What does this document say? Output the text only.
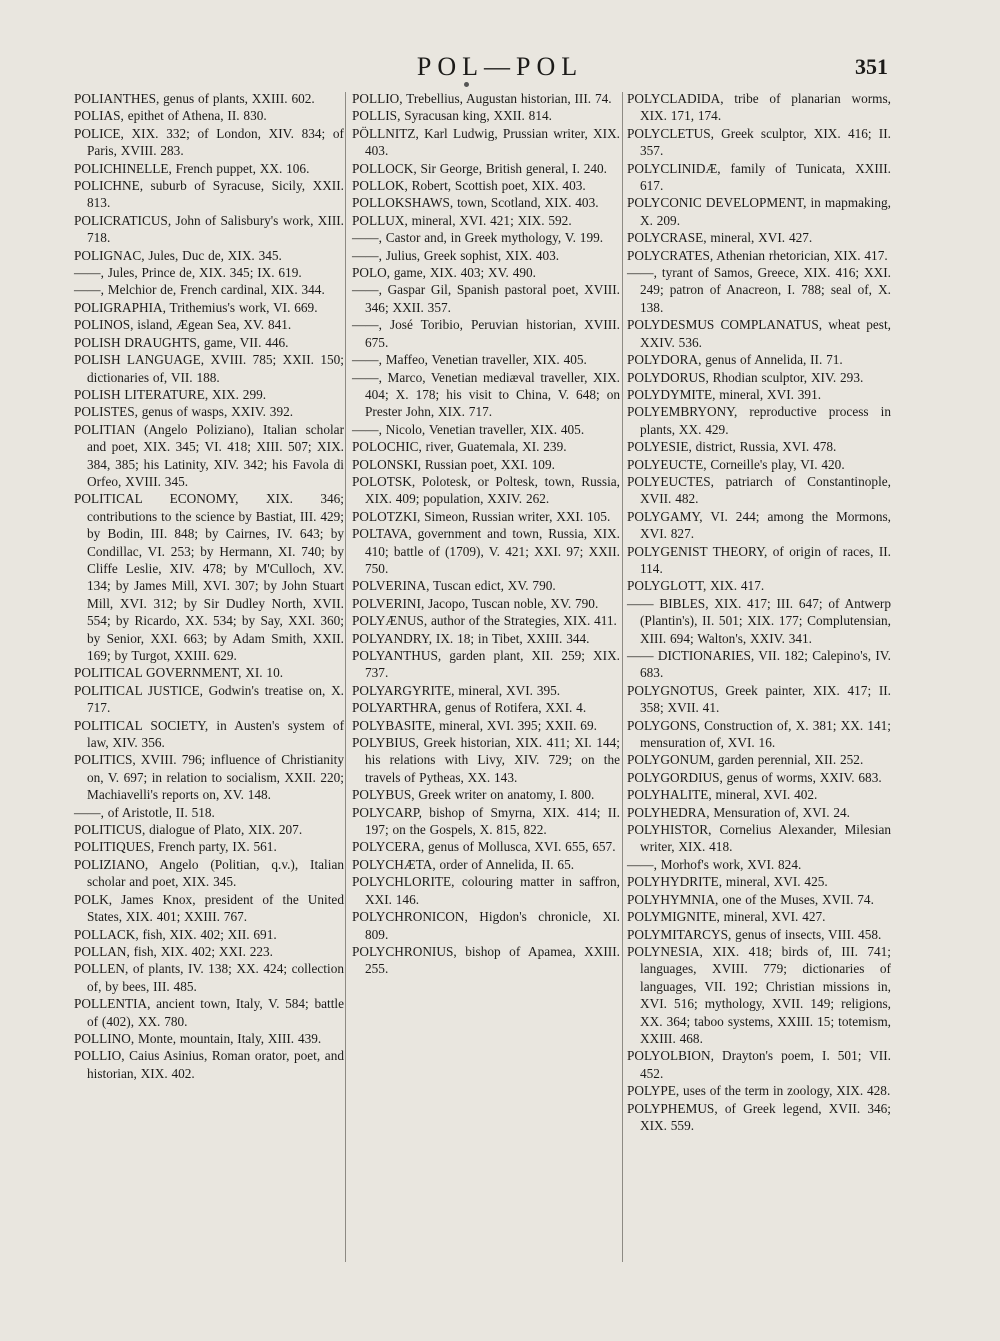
POL—POL	351

POLIANTHES, genus of plants, XXIII. 602.

POLIAS, epithet of Athena, II. 830.

POLICE, XIX. 332; of London, XIV. 834; of Paris, XVIII. 283.

POLICHINELLE, French puppet, XX. 106.

POLICHNE, suburb of Syracuse, Sicily, XXII. 813.

POLICRATICUS, John of Salisbury's work, XIII. 718.

POLIGNAC, Jules, Duc de, XIX. 345.

——, Jules, Prince de, XIX. 345; IX. 619.

——, Melchior de, French cardinal, XIX. 344.

POLIGRAPHIA, Trithemius's work, VI. 669.

POLINOS, island, Ægean Sea, XV. 841.

POLISH DRAUGHTS, game, VII. 446.

POLISH LANGUAGE, XVIII. 785; XXII. 150; dictionaries of, VII. 188.

POLISH LITERATURE, XIX. 299.

POLISTES, genus of wasps, XXIV. 392.

POLITIAN (Angelo Poliziano), Italian scholar and poet, XIX. 345; VI. 418; XIII. 507; XIX. 384, 385; his Latinity, XIV. 342; his Favola di Orfeo, XVIII. 345.

POLITICAL ECONOMY, XIX. 346; contributions to the science by Bastiat, III. 429; by Bodin, III. 848; by Cairnes, IV. 643; by Condillac, VI. 253; by Hermann, XI. 740; by Cliffe Leslie, XIV. 478; by M'Culloch, XV. 134; by James Mill, XVI. 307; by John Stuart Mill, XVI. 312; by Sir Dudley North, XVII. 554; by Ricardo, XX. 534; by Say, XXI. 360; by Senior, XXI. 663; by Adam Smith, XXII. 169; by Turgot, XXIII. 629.

POLITICAL GOVERNMENT, XI. 10.

POLITICAL JUSTICE, Godwin's treatise on, X. 717.

POLITICAL SOCIETY, in Austen's system of law, XIV. 356.

POLITICS, XVIII. 796; influence of Christianity on, V. 697; in relation to socialism, XXII. 220; Machiavelli's reports on, XV. 148.

——, of Aristotle, II. 518.

POLITICUS, dialogue of Plato, XIX. 207.

POLITIQUES, French party, IX. 561.

POLIZIANO, Angelo (Politian, q.v.), Italian scholar and poet, XIX. 345.

POLK, James Knox, president of the United States, XIX. 401; XXIII. 767.

POLLACK, fish, XIX. 402; XII. 691.

POLLAN, fish, XIX. 402; XXI. 223.

POLLEN, of plants, IV. 138; XX. 424; collection of, by bees, III. 485.

POLLENTIA, ancient town, Italy, V. 584; battle of (402), XX. 780.

POLLINO, Monte, mountain, Italy, XIII. 439.

POLLIO, Caius Asinius, Roman orator, poet, and historian, XIX. 402.

POLLIO, Trebellius, Augustan historian, III. 74.

POLLIS, Syracusan king, XXII. 814.

PÖLLNITZ, Karl Ludwig, Prussian writer, XIX. 403.

POLLOCK, Sir George, British general, I. 240.

POLLOK, Robert, Scottish poet, XIX. 403.

POLLOKSHAWS, town, Scotland, XIX. 403.

POLLUX, mineral, XVI. 421; XIX. 592.

——, Castor and, in Greek mythology, V. 199.

——, Julius, Greek sophist, XIX. 403.

POLO, game, XIX. 403; XV. 490.

——, Gaspar Gil, Spanish pastoral poet, XVIII. 346; XXII. 357.

——, José Toribio, Peruvian historian, XVIII. 675.

——, Maffeo, Venetian traveller, XIX. 405.

——, Marco, Venetian mediæval traveller, XIX. 404; X. 178; his visit to China, V. 648; on Prester John, XIX. 717.

——, Nicolo, Venetian traveller, XIX. 405.

POLOCHIC, river, Guatemala, XI. 239.

POLONSKI, Russian poet, XXI. 109.

POLOTSK, Polotesk, or Poltesk, town, Russia, XIX. 409; population, XXIV. 262.

POLOTZKI, Simeon, Russian writer, XXI. 105.

POLTAVA, government and town, Russia, XIX. 410; battle of (1709), V. 421; XXI. 97; XXII. 750.

POLVERINA, Tuscan edict, XV. 790.

POLVERINI, Jacopo, Tuscan noble, XV. 790.

POLYÆNUS, author of the Strategies, XIX. 411.

POLYANDRY, IX. 18; in Tibet, XXIII. 344.

POLYANTHUS, garden plant, XII. 259; XIX. 737.

POLYARGYRITE, mineral, XVI. 395.

POLYARTHRA, genus of Rotifera, XXI. 4.

POLYBASITE, mineral, XVI. 395; XXII. 69.

POLYBIUS, Greek historian, XIX. 411; XI. 144; his relations with Livy, XIV. 729; on the travels of Pytheas, XX. 143.

POLYBUS, Greek writer on anatomy, I. 800.

POLYCARP, bishop of Smyrna, XIX. 414; II. 197; on the Gospels, X. 815, 822.

POLYCERA, genus of Mollusca, XVI. 655, 657.

POLYCHÆTA, order of Annelida, II. 65.

POLYCHLORITE, colouring matter in saffron, XXI. 146.

POLYCHRONICON, Higdon's chronicle, XI. 809.

POLYCHRONIUS, bishop of Apamea, XXIII. 255.

POLYCLADIDA, tribe of planarian worms, XIX. 171, 174.

POLYCLETUS, Greek sculptor, XIX. 416; II. 357.

POLYCLINIDÆ, family of Tunicata, XXIII. 617.

POLYCONIC DEVELOPMENT, in mapmaking, X. 209.

POLYCRASE, mineral, XVI. 427.

POLYCRATES, Athenian rhetorician, XIX. 417.

——, tyrant of Samos, Greece, XIX. 416; XXI. 249; patron of Anacreon, I. 788; seal of, X. 138.

POLYDESMUS COMPLANATUS, wheat pest, XXIV. 536.

POLYDORA, genus of Annelida, II. 71.

POLYDORUS, Rhodian sculptor, XIV. 293.

POLYDYMITE, mineral, XVI. 391.

POLYEMBRYONY, reproductive process in plants, XX. 429.

POLYESIE, district, Russia, XVI. 478.

POLYEUCTE, Corneille's play, VI. 420.

POLYEUCTES, patriarch of Constantinople, XVII. 482.

POLYGAMY, VI. 244; among the Mormons, XVI. 827.

POLYGENIST THEORY, of origin of races, II. 114.

POLYGLOTT, XIX. 417.

—— BIBLES, XIX. 417; III. 647; of Antwerp (Plantin's), II. 501; XIX. 177; Complutensian, XIII. 694; Walton's, XXIV. 341.

—— DICTIONARIES, VII. 182; Calepino's, IV. 683.

POLYGNOTUS, Greek painter, XIX. 417; II. 358; XVII. 41.

POLYGONS, Construction of, X. 381; XX. 141; mensuration of, XVI. 16.

POLYGONUM, garden perennial, XII. 252.

POLYGORDIUS, genus of worms, XXIV. 683.

POLYHALITE, mineral, XVI. 402.

POLYHEDRA, Mensuration of, XVI. 24.

POLYHISTOR, Cornelius Alexander, Milesian writer, XIX. 418.

——, Morhof's work, XVI. 824.

POLYHYDRITE, mineral, XVI. 425.

POLYHYMNIA, one of the Muses, XVII. 74.

POLYMIGNITE, mineral, XVI. 427.

POLYMITARCYS, genus of insects, VIII. 458.

POLYNESIA, XIX. 418; birds of, III. 741; languages, XVIII. 779; dictionaries of languages, VII. 192; Christian missions in, XVI. 516; mythology, XVII. 149; religions, XX. 364; taboo systems, XXIII. 15; totemism, XXIII. 468.

POLYOLBION, Drayton's poem, I. 501; VII. 452.

POLYPE, uses of the term in zoology, XIX. 428.

POLYPHEMUS, of Greek legend, XVII. 346; XIX. 559.
